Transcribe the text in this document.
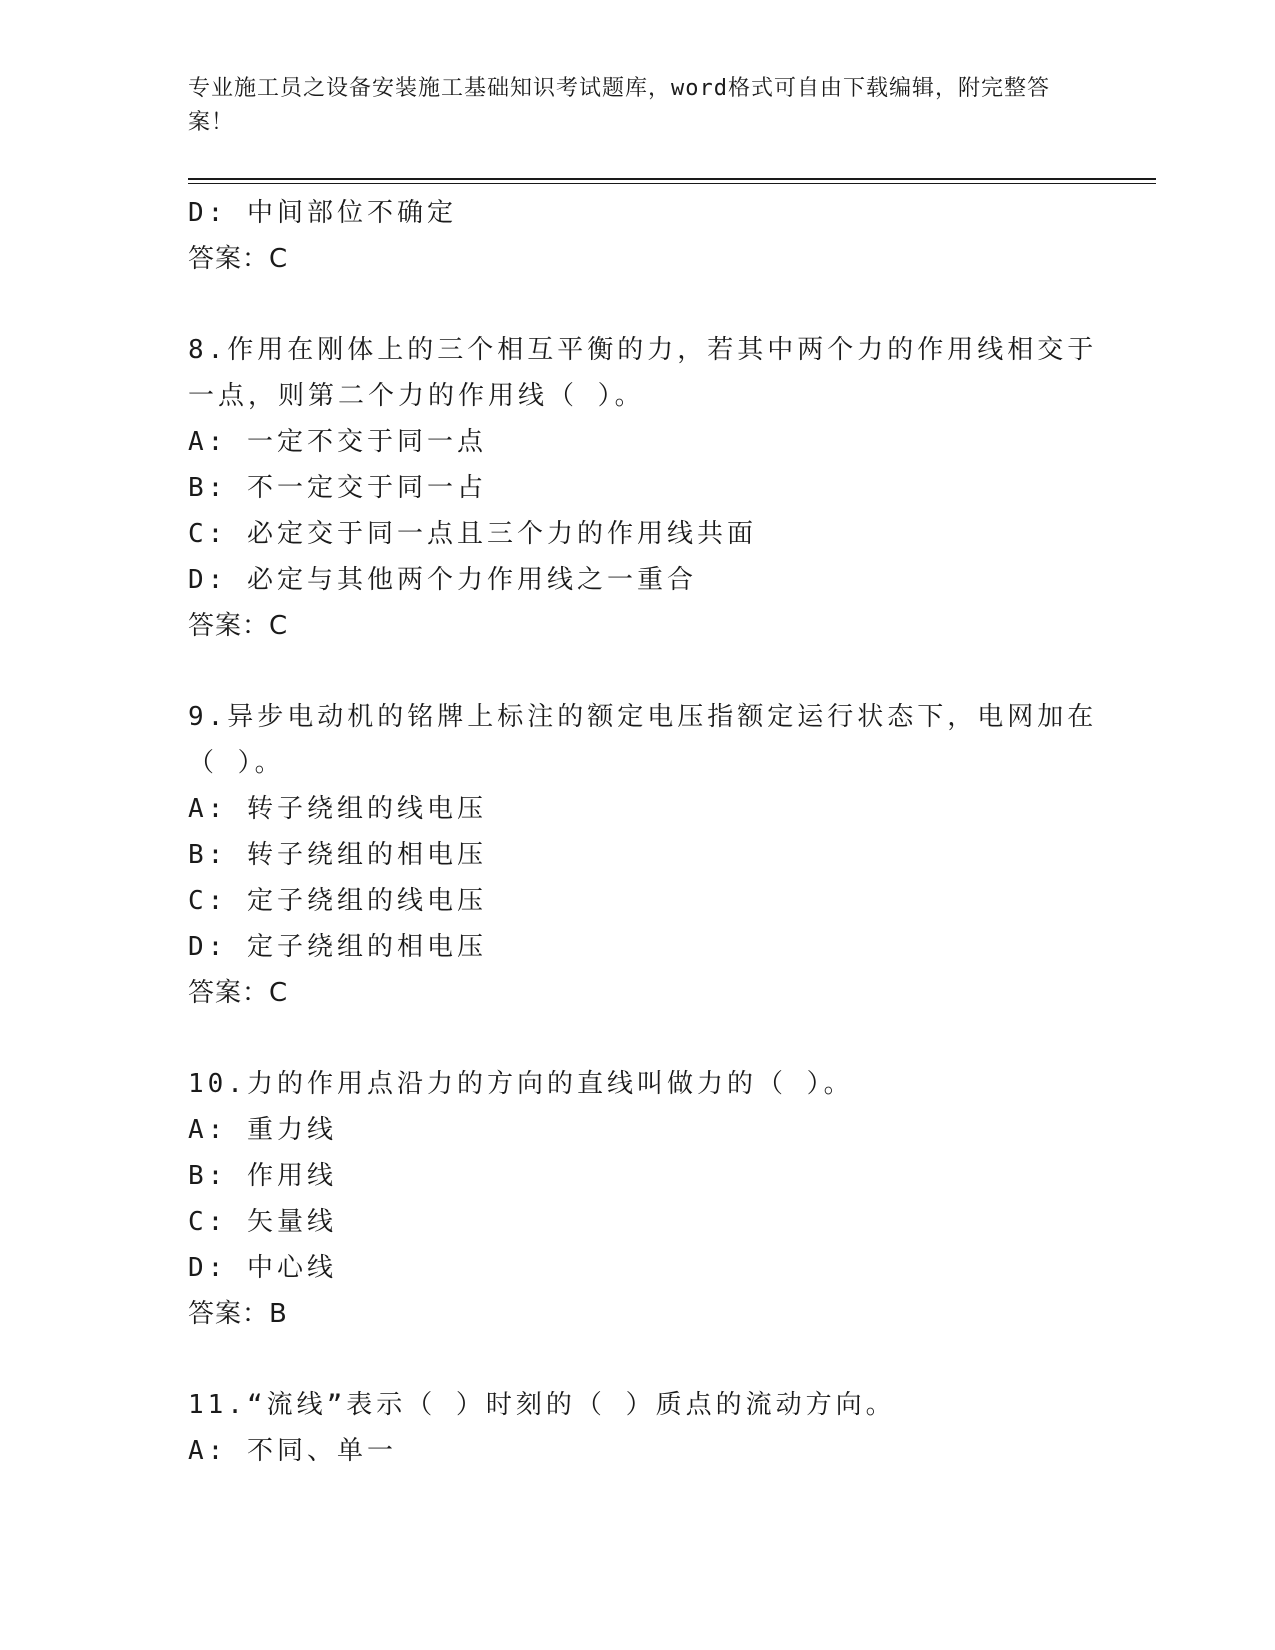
专业施工员之设备安装施工基础知识考试题库，word格式可自由下载编辑，附完整答案！
D: 中间部位不确定
答案：C
8.作用在刚体上的三个相互平衡的力，若其中两个力的作用线相交于
一点，则第二个力的作用线（ ）。
A: 一定不交于同一点
B: 不一定交于同一占
C: 必定交于同一点且三个力的作用线共面
D: 必定与其他两个力作用线之一重合
答案：C
9.异步电动机的铭牌上标注的额定电压指额定运行状态下，电网加在
（ ）。
A: 转子绕组的线电压
B: 转子绕组的相电压
C: 定子绕组的线电压
D: 定子绕组的相电压
答案：C
10.力的作用点沿力的方向的直线叫做力的（ ）。
A: 重力线
B: 作用线
C: 矢量线
D: 中心线
答案：B
11.“流线”表示（ ）时刻的（ ）质点的流动方向。
A: 不同、单一
